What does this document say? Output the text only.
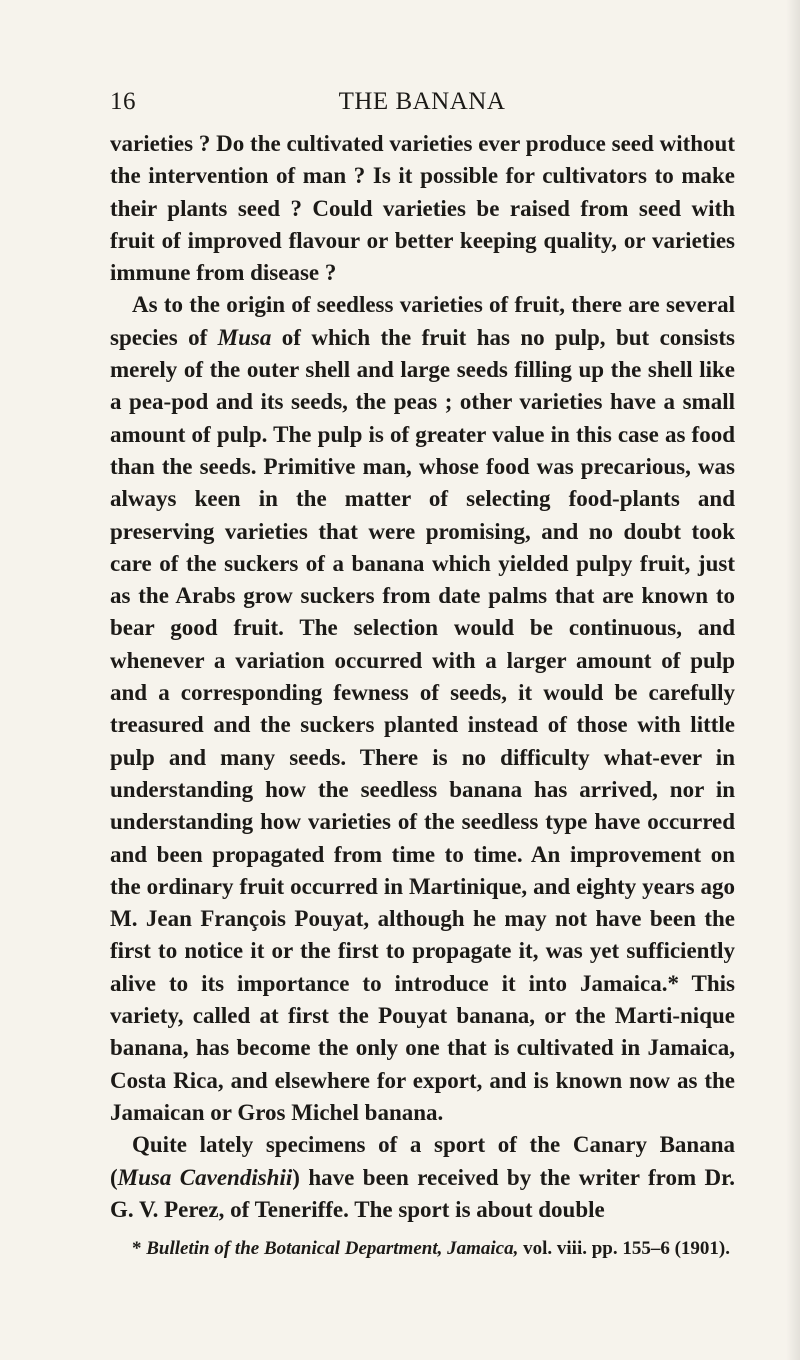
16	THE BANANA

varieties ? Do the cultivated varieties ever produce seed without the intervention of man ? Is it possible for cultivators to make their plants seed ? Could varieties be raised from seed with fruit of improved flavour or better keeping quality, or varieties immune from disease ?

As to the origin of seedless varieties of fruit, there are several species of Musa of which the fruit has no pulp, but consists merely of the outer shell and large seeds filling up the shell like a pea-pod and its seeds, the peas ; other varieties have a small amount of pulp. The pulp is of greater value in this case as food than the seeds. Primitive man, whose food was precarious, was always keen in the matter of selecting food-plants and preserving varieties that were promising, and no doubt took care of the suckers of a banana which yielded pulpy fruit, just as the Arabs grow suckers from date palms that are known to bear good fruit. The selection would be continuous, and whenever a variation occurred with a larger amount of pulp and a corresponding fewness of seeds, it would be carefully treasured and the suckers planted instead of those with little pulp and many seeds. There is no difficulty what-ever in understanding how the seedless banana has arrived, nor in understanding how varieties of the seedless type have occurred and been propagated from time to time. An improvement on the ordinary fruit occurred in Martinique, and eighty years ago M. Jean François Pouyat, although he may not have been the first to notice it or the first to propagate it, was yet sufficiently alive to its importance to introduce it into Jamaica.* This variety, called at first the Pouyat banana, or the Marti-nique banana, has become the only one that is cultivated in Jamaica, Costa Rica, and elsewhere for export, and is known now as the Jamaican or Gros Michel banana.

Quite lately specimens of a sport of the Canary Banana (Musa Cavendishii) have been received by the writer from Dr. G. V. Perez, of Teneriffe. The sport is about double

* Bulletin of the Botanical Department, Jamaica, vol. viii. pp. 155–6 (1901).
